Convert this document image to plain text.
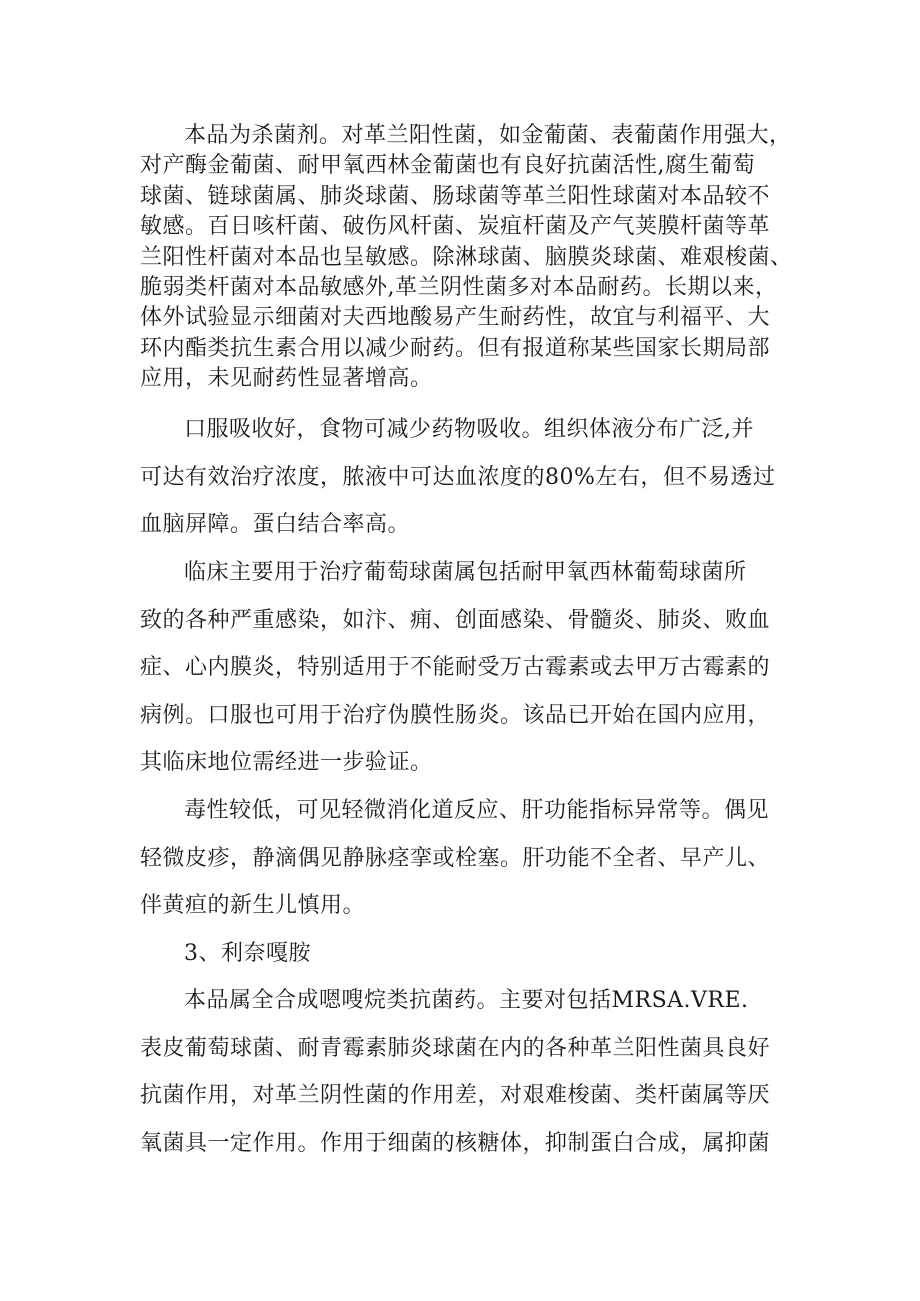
本品为杀菌剂。对革兰阳性菌，如金葡菌、表葡菌作用强大，
对产酶金葡菌、耐甲氧西林金葡菌也有良好抗菌活性,腐生葡萄
球菌、链球菌属、肺炎球菌、肠球菌等革兰阳性球菌对本品较不
敏感。百日咳杆菌、破伤风杆菌、炭疽杆菌及产气荚膜杆菌等革
兰阳性杆菌对本品也呈敏感。除淋球菌、脑膜炎球菌、难艰梭菌、
脆弱类杆菌对本品敏感外,革兰阴性菌多对本品耐药。长期以来，
体外试验显示细菌对夫西地酸易产生耐药性，故宜与利福平、大
环内酯类抗生素合用以减少耐药。但有报道称某些国家长期局部
应用，未见耐药性显著增高。
口服吸收好，食物可减少药物吸收。组织体液分布广泛,并
可达有效治疗浓度，脓液中可达血浓度的80%左右，但不易透过
血脑屏障。蛋白结合率高。
临床主要用于治疗葡萄球菌属包括耐甲氧西林葡萄球菌所
致的各种严重感染，如汴、痈、创面感染、骨髓炎、肺炎、败血
症、心内膜炎，特别适用于不能耐受万古霉素或去甲万古霉素的
病例。口服也可用于治疗伪膜性肠炎。该品已开始在国内应用，
其临床地位需经进一步验证。
毒性较低，可见轻微消化道反应、肝功能指标异常等。偶见
轻微皮疹，静滴偶见静脉痉挛或栓塞。肝功能不全者、早产儿、
伴黄疸的新生儿慎用。
3、利奈嘎胺
本品属全合成嗯嗖烷类抗菌药。主要对包括MRSA.VRE.
表皮葡萄球菌、耐青霉素肺炎球菌在内的各种革兰阳性菌具良好
抗菌作用，对革兰阴性菌的作用差，对艰难梭菌、类杆菌属等厌
氧菌具一定作用。作用于细菌的核糖体，抑制蛋白合成，属抑菌
